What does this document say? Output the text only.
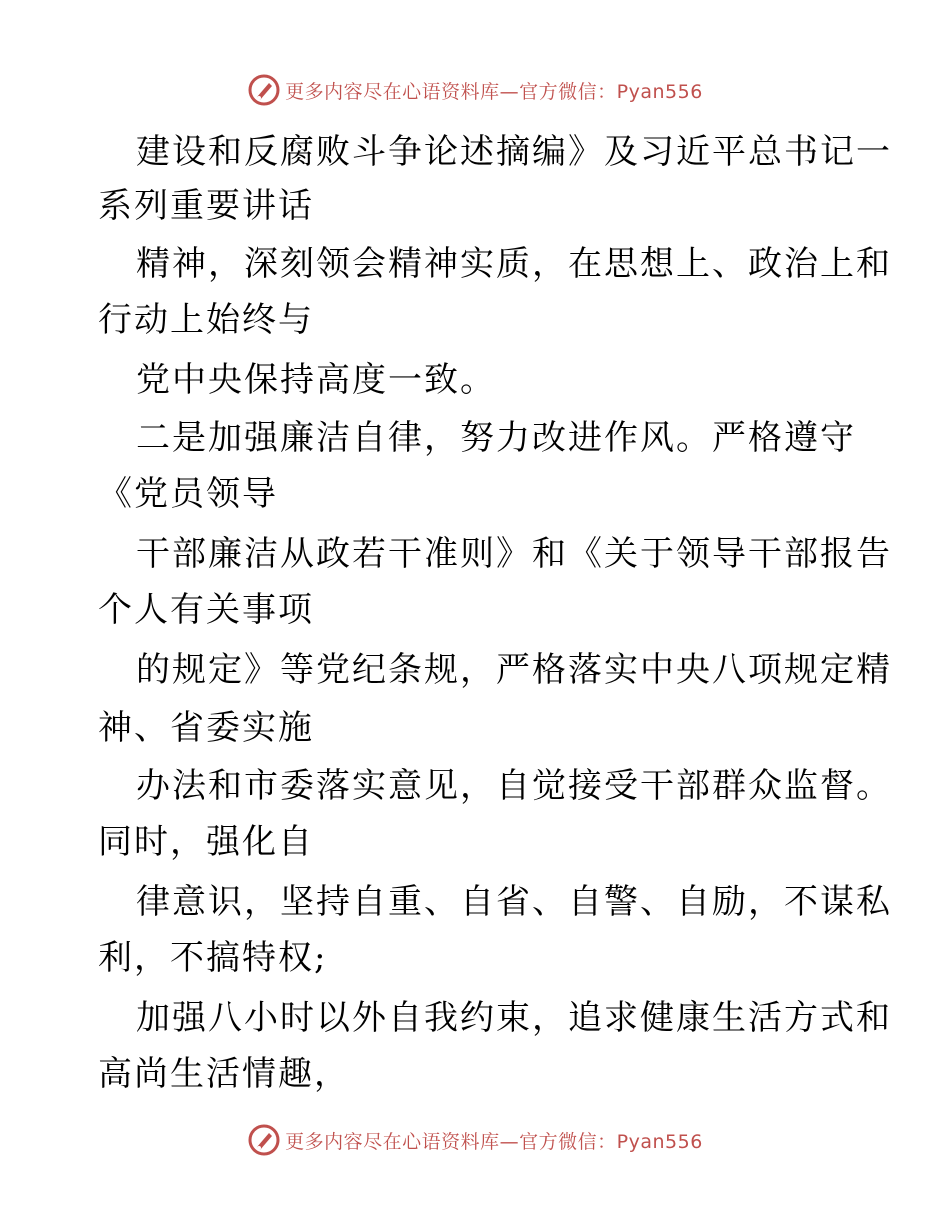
更多内容尽在心语资料库—官方微信：Pyan556
建设和反腐败斗争论述摘编》及习近平总书记一
系列重要讲话
精神，深刻领会精神实质，在思想上、政治上和
行动上始终与
党中央保持高度一致。
二是加强廉洁自律，努力改进作风。严格遵守
《党员领导
干部廉洁从政若干准则》和《关于领导干部报告
个人有关事项
的规定》等党纪条规，严格落实中央八项规定精
神、省委实施
办法和市委落实意见，自觉接受干部群众监督。
同时，强化自
律意识，坚持自重、自省、自警、自励，不谋私
利，不搞特权;
加强八小时以外自我约束，追求健康生活方式和
高尚生活情趣，
更多内容尽在心语资料库—官方微信：Pyan556
